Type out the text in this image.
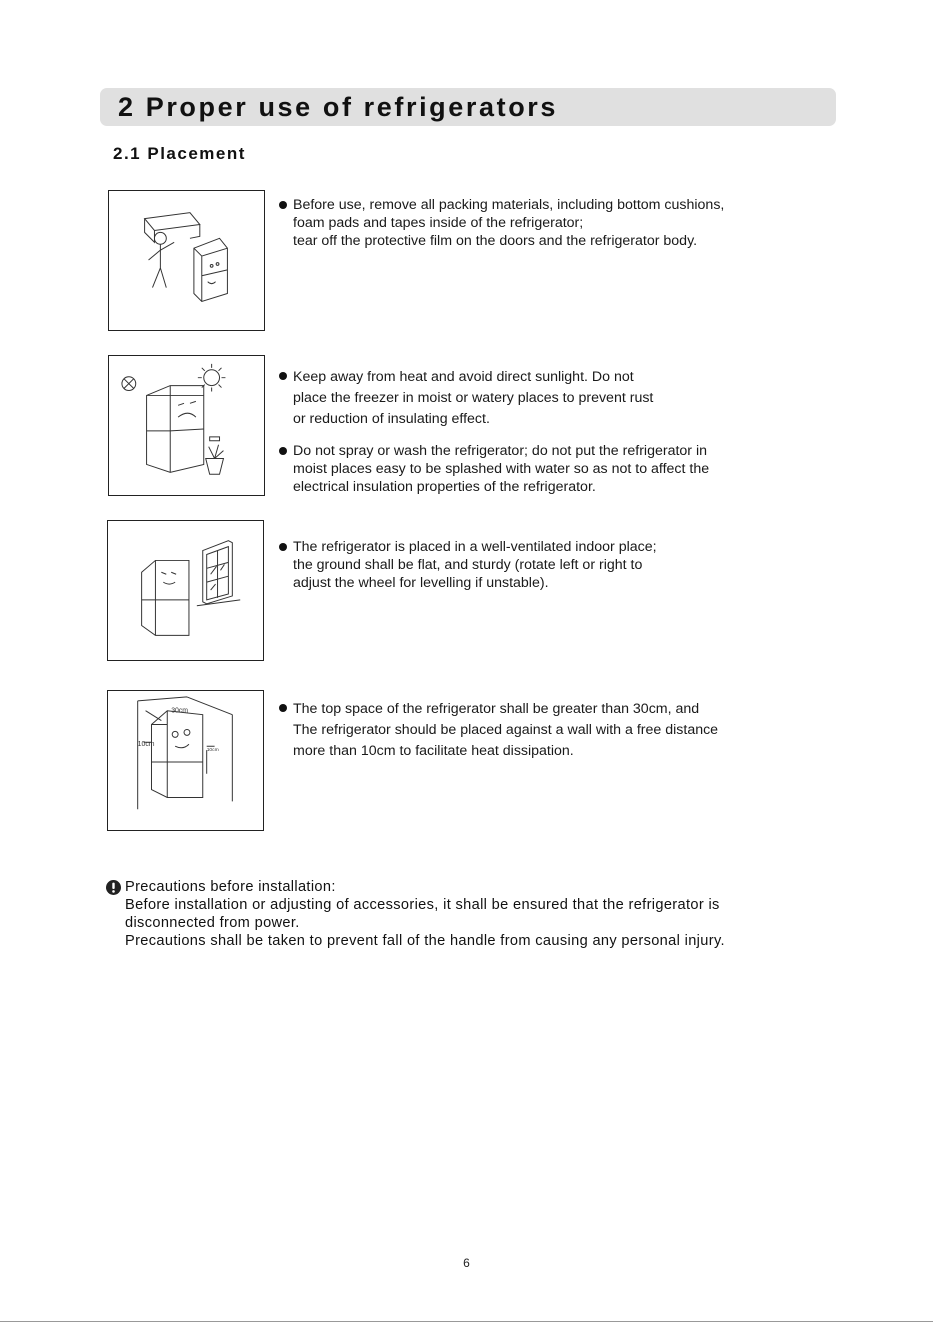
2 Proper use of refrigerators
2.1 Placement
Before use, remove all packing materials, including bottom cushions,
foam pads and tapes inside of the refrigerator;
tear off the protective film on the doors and the refrigerator body.
Keep away from heat and avoid direct sunlight. Do not
place the freezer in moist or watery places to prevent rust
or reduction of insulating effect.
Do not spray or wash the refrigerator; do not put the refrigerator in
moist places easy to be splashed with water so as not to affect the
electrical insulation properties of the refrigerator.
The refrigerator is placed in a well-ventilated indoor place;
the ground shall be flat, and sturdy (rotate left or right to
adjust the wheel for levelling if unstable).
30cm
10cm
10cm
The top space of the refrigerator shall be greater than 30cm, and
The refrigerator should be placed against a wall with a free distance
more than 10cm to facilitate heat dissipation.
Precautions before installation:
Before installation or adjusting of accessories, it shall be ensured that the refrigerator is
disconnected from power.
Precautions shall be taken to prevent fall of the handle from causing any personal injury.
6
